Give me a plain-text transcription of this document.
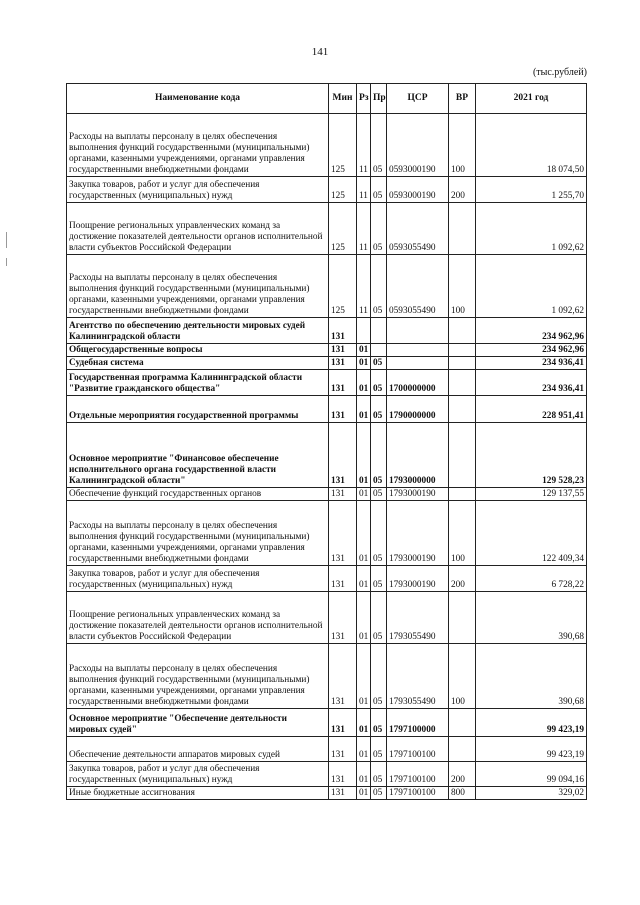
141
(тыс.рублей)
Наименование кода	Мин	Рз	Пр	ЦСР	ВР	2021 год
Расходы на выплаты персоналу в целях обеспечения выполнения функций государственными (муниципальными) органами, казенными учреждениями, органами управления государственными внебюджетными фондами	125	11	05	0593000190	100	18 074,50
Закупка товаров, работ и услуг для обеспечения государственных (муниципальных) нужд	125	11	05	0593000190	200	1 255,70
Поощрение региональных управленческих команд за достижение показателей деятельности органов исполнительной власти субъектов Российской Федерации	125	11	05	0593055490		1 092,62
Расходы на выплаты персоналу в целях обеспечения выполнения функций государственными (муниципальными) органами, казенными учреждениями, органами управления государственными внебюджетными фондами	125	11	05	0593055490	100	1 092,62
Агентство по обеспечению деятельности мировых судей Калининградской области	131					234 962,96
Общегосударственные вопросы	131	01				234 962,96
Судебная система	131	01	05			234 936,41
Государственная программа Калининградской области "Развитие гражданского общества"	131	01	05	1700000000		234 936,41
Отдельные мероприятия государственной программы	131	01	05	1790000000		228 951,41
Основное мероприятие "Финансовое обеспечение исполнительного органа государственной власти Калининградской области"	131	01	05	1793000000		129 528,23
Обеспечение функций государственных органов	131	01	05	1793000190		129 137,55
Расходы на выплаты персоналу в целях обеспечения выполнения функций государственными (муниципальными) органами, казенными учреждениями, органами управления государственными внебюджетными фондами	131	01	05	1793000190	100	122 409,34
Закупка товаров, работ и услуг для обеспечения государственных (муниципальных) нужд	131	01	05	1793000190	200	6 728,22
Поощрение региональных управленческих команд за достижение показателей деятельности органов исполнительной власти субъектов Российской Федерации	131	01	05	1793055490		390,68
Расходы на выплаты персоналу в целях обеспечения выполнения функций государственными (муниципальными) органами, казенными учреждениями, органами управления государственными внебюджетными фондами	131	01	05	1793055490	100	390,68
Основное мероприятие "Обеспечение деятельности мировых судей"	131	01	05	1797100000		99 423,19
Обеспечение деятельности аппаратов мировых судей	131	01	05	1797100100		99 423,19
Закупка товаров, работ и услуг для обеспечения государственных (муниципальных) нужд	131	01	05	1797100100	200	99 094,16
Иные бюджетные ассигнования	131	01	05	1797100100	800	329,02
